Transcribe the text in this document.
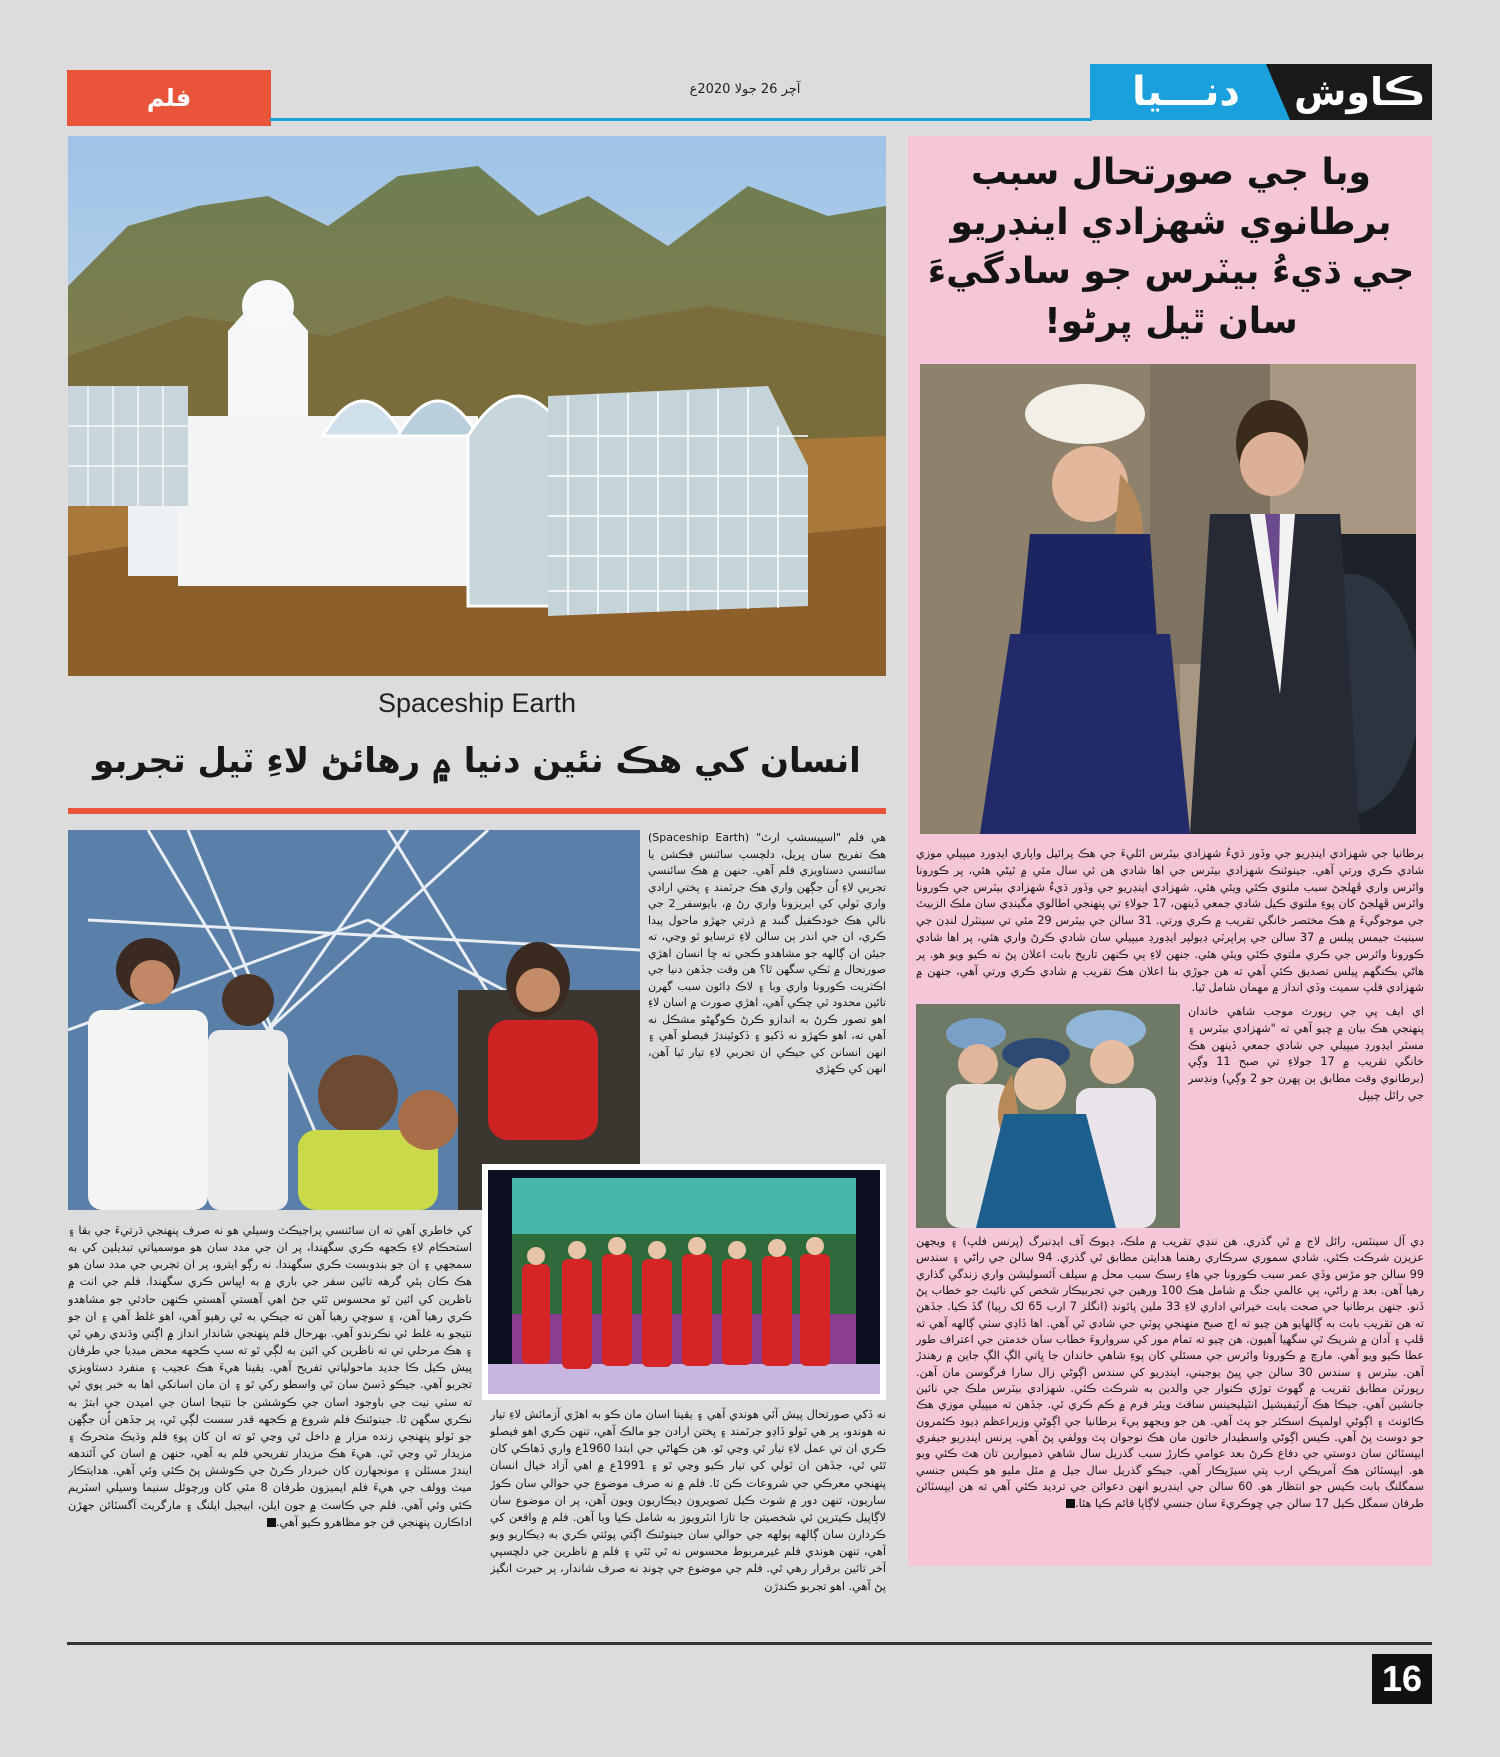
فلم	آچر 26 جولا 2020ع	دنـــيا	ڪاوش
Spaceship Earth
انسان کي هڪ نئين دنيا ۾ رهائڻ لاءِ ٽيل تجربو
هي فلم "اسپيسشپ ارٿ" (Spaceship Earth) هڪ تفريح سان ڀريل، دلچسپ سائنس فڪشن يا سائنسي دستاويزي فلم آهي. جنهن ۾ هڪ سائنسي تجربي لاءِ اُن جڳهن واري هڪ جرٽمند ۽ پختي ارادي واري ٽولي کي ايريزونا واري رڻ ۾، بايوسفر_2 جي نالي هڪ خودڪفيل گنبد ۾ ڌرتي جهڙو ماحول پيدا ڪري، ان جي اندر ٻن سالن لاءِ ترسايو ٿو وڃي، ته جيئن ان ڳالهه جو مشاهدو ڪجي ته ڇا انسان اهڙي صورتحال ۾ ٽڪي سگهن ٿا؟ هن وقت جڏهن دنيا جي اڪثريت ڪورونا واري وبا ۽ لاڪ ڊائون سبب گهرن تائين محدود ٿي چڪي آهي، اهڙي صورت ۾ اسان لاءِ اهو تصور ڪرڻ به اندازو ڪرڻ ڪوگهڻو مشڪل نه آهي ته، اهو ڪهڙو نه ڏکيو ۽ ڏکوئيندڙ فيصلو آهي ۽ انهن انسانن کي جيڪي ان تجربي لاءِ تيار ٿيا آهن، انهن کي ڪهڙي
کي خاطري آهي ته ان سائنسي پراجيڪٽ وسيلي هو نه صرف پنهنجي ڌرتيءَ جي بقا ۽ استحڪام لاءِ ڪجهه ڪري سگهندا، پر ان جي مدد سان هو موسمياتي تبديلين کي به سمجهي ۽ ان جو بندوبست ڪري سگهندا. نه رڳو ايترو، پر ان تجربي جي مدد سان هو هڪ ڪان ٻئي گرهه تائين سفر جي باري ۾ به اڀياس ڪري سگهندا. فلم جي انت ۾ ناظرين کي ائين ٿو محسوس ٿئي جڻ اهي آهستي آهستي ڪنهن حادثي جو مشاهدو ڪري رهيا آهن، ۽ سوچي رهيا آهن ته جيڪي به ٿي رهيو آهي، اهو غلط آهي ۽ ان جو نتيجو به غلط ئي نڪرندو آهي. بهرحال فلم پنهنجي شاندار انداز ۾ اڳتي وڌندي رهي ٿي ۽ هڪ مرحلي تي ته ناظرين کي ائين به لڳي ٿو ته سڀ ڪجهه محض ميڊيا جي طرفان پيش ڪيل ڪا جديد ماحولياتي تفريح آهي. يقينا هيءَ هڪ عجيب ۽ منفرد دستاويزي تجربو آهي. جيڪو ڏسڻ سان ٿي واسطو رکي ٿو ۽ ان مان اسانکي اها به خبر پوي ٿي ته سٺي نيت جي باوجود اسان جي ڪوششن جا نتيجا اسان جي اميدن جي ابتڙ به نڪري سگهن ٿا. جينوئنڪ فلم شروع ۾ ڪجهه قدر سست لڳي ٿي، پر جڏهن اُن جڳهن جو ٽولو پنهنجي زنده مزار ۾ داخل ٿي وڃي ٿو ته ان کان پوءِ فلم وڌيڪ متحرڪ ۽ مزيدار ٿي وڃي ٿي. هيءَ هڪ مزيدار تفريحي فلم به آهي، جنهن ۾ اسان کي آئندهه ايندڙ مسئلن ۽ مونجهارن کان خبردار ڪرڻ جي ڪوشش پڻ ڪئي وئي آهي. هدايتڪار ميٽ وولف جي هيءَ فلم ايميزون طرفان 8 مئي کان ورچوئل سنيما وسيلي اسٽريم ڪئي وئي آهي. فلم جي ڪاسٽ ۾ جون ايلن، ابيجيل ايلنگ ۽ مارگريٽ آگسٽائن جهڙن اداڪارن پنهنجي فن جو مظاهرو ڪيو آهي.
نه ڏکي صورتحال پيش آئي هوندي آهي ۽ يقينا اسان مان ڪو به اهڙي آزمائش لاءِ تيار نه هوندو، پر هي ٽولو ڏاڍو جرٽمند ۽ پختن ارادن جو مالڪ آهي، تنهن ڪري اهو فيصلو ڪري ان تي عمل لاءِ تيار ٿي وڃي ٿو. هن ڪهاڻي جي ابتدا 1960ع واري ڏهاڪي کان ٿئي ٿي، جڏهن ان ٽولي کي تيار ڪيو وڃي ٿو ۽ 1991ع ۾ اهي آزاد خيال انسان پنهنجي معرڪي جي شروعات ڪن ٿا. فلم ۾ نه صرف موضوع جي حوالي سان ڪوڙ ساريون، تنهن دور ۾ شوٽ ڪيل تصويرون ڊيڪاريون ويون آهن، پر ان موضوع سان لاڳاپيل ڪيترين ئي شخصيتن جا تازا انٽرويوز به شامل ڪيا ويا آهن. فلم ۾ واقعن کي ڪردارن سان ڳالهه ٻولهه جي حوالي سان جينوئنڪ اڳتي پوئتي ڪري به ڊيڪاريو ويو آهي، تنهن هوندي فلم غيرمربوط محسوس نه ٿي ٿئي ۽ فلم ۾ ناظرين جي دلچسپي آخر تائين برقرار رهي ٿي. فلم جي موضوع جي چونڊ نه صرف شاندار، پر حيرت انگيز پڻ آهي. اهو تجربو ڪندڙن
وبا جي صورتحال سبب برطانوي شهزادي اينڊريو جي ڌيءُ بيٽرس جو سادگيءَ سان ٿيل پرڻو!
برطانيا جي شهزادي اينڊريو جي وڏور ڌيءُ شهزادي بيٽرس اٽليءَ جي هڪ پرائيل واپاري ايڊورڊ ميپيلي موزي شادي ڪري ورتي آهي. جينوئنڪ شهزادي بيٽرس جي اها شادي هن ئي سال مئي ۾ ٿيڻي هئي، پر ڪورونا وائرس واري ڦهلجڻ سبب ملتوي ڪئي ويئي هئي. شهزادي اينڊريو جي وڏور ڌيءُ شهزادي بيٽرس جي ڪورونا وائرس ڦهلجڻ کان پوءِ ملتوي ڪيل شادي جمعي ڏينهن، 17 جولاءِ تي پنهنجي اطالوي مگينڊي سان ملڪ الزبيٿ جي موجوگيءَ ۾ هڪ مختصر خانگي تقريب ۾ ڪري ورتي. 31 سالن جي بيٽرس 29 مئي تي سينٽرل لنڊن جي سينيٽ جيمس پيلس ۾ 37 سالن جي پراپرٽي ڊيولپر ايڊورڊ ميپيلي سان شادي ڪرڻ واري هئي، پر اها شادي ڪورونا وائرس جي ڪري ملتوي ڪئي ويئي هئي. جنهن لاءِ ٻي ڪنهن تاريخ بابت اعلان پڻ نه ڪيو ويو هو. پر هاڻي بڪنگهم پيلس تصديق ڪئي آهي ته هن جوڙي بنا اعلان هڪ تقريب ۾ شادي ڪري ورتي آهي، جنهن ۾ شهزادي فلپ سميت وڏي انداز ۾ مهمان شامل ٿيا.
اي ايف پي جي رپورٽ موجب شاهي خاندان پنهنجي هڪ بيان ۾ چيو آهي ته "شهزادي بيٽرس ۽ مسٽر ايڊورڊ ميپيلي جي شادي جمعي ڏينهن هڪ خانگي تقريب ۾ 17 جولاءِ تي صبح 11 وڳي (برطانوي وقت مطابق ٻن پهرن جو 2 وڳي) ونڊسر جي رائل چيپل
ڊي آل سينٽس، رائل لاج ۾ ٿي گذري. هن ننڍي تقريب ۾ ملڪ، ڊيوڪ آف ايڊنبرگ (پرنس فلپ) ۽ ويجهن عزيزن شرڪت ڪئي. شادي سموري سرڪاري رهنما هدايتن مطابق ٿي گذري. 94 سالن جي راڻي ۽ سندس 99 سالن جو مڙس وڏي عمر سبب ڪورونا جي هاءِ رسڪ سبب محل ۾ سيلف آئسوليشن واري زندگي گذاري رهيا آهن. بعد ۾ راڻي، ٻي عالمي جنگ ۾ شامل هڪ 100 ورهين جي تجربيڪار شخص کي نائيٽ جو خطاب پڻ ڏنو. جنهن برطانيا جي صحت بابت خيراتي اداري لاءِ 33 ملين پائونڊ (انگلز 7 ارب 65 لک رپيا) گڏ ڪيا. جڏهن ته هن تقريب بابت به ڳالهايو هن چيو ته اڄ صبح منهنجي پوٽي جي شادي ٿي آهي. اها ڏاڍي سٺي ڳالهه آهي ته ڦلپ ۽ آدان ۾ شريڪ ٿي سگهيا آهيون. هن چيو ته تمام مور کي سرواروءَ خطاب سان خدمتن جي اعتراف طور عطا ڪيو ويو آهي. مارچ ۾ ڪورونا وائرس جي مسئلي کان پوءِ شاهي خاندان جا ڀاتي الڳ الڳ جاين ۾ رهندڙ آهن. بيٽرس ۽ سندس 30 سالن جي ڀيڻ يوجيني، اينڊريو کي سندس اڳوڻي زال سارا فرگوسن مان آهن. رپورٽن مطابق تقريب ۾ گهوٽ توڙي ڪنوار جي والدين به شرڪت ڪئي. شهزادي بيٽرس ملڪ جي نائين جانشين آهي. جيڪا هڪ آرٽيفيشيل انٽيليجينس سافٽ ويئر فرم ۾ ڪم ڪري ٿي. جڏهن ته ميپيلي موزي هڪ ڪائونٽ ۽ اڳوڻي اولمپڪ اسڪئر جو پٽ آهي. هن جو ويجهو ٻيءَ برطانيا جي اڳوڻي وزيراعظم ڊيوڊ ڪئمرون جو دوست پڻ آهي. ڪيس اڳوڻي واسطيدار خاتون مان هڪ نوجوان پٽ وولفي پڻ آهي. پرنس اينڊريو جيفري ايپسٽائن سان دوستي جي دفاع ڪرڻ بعد عوامي ڪارڙ سبب گذريل سال شاهي ذميوارين تان هٽ ڪئي ويو هو. ايپسٽائن هڪ آمريڪي ارب پتي سيڙپڪار آهي. جيڪو گذريل سال جيل ۾ مئل مليو هو ڪيس جنسي سمگلنگ بابت ڪيس جو انتظار هو. 60 سالن جي اينڊريو انهن دعوائن جي ترديد ڪئي آهي ته هن ايپسٽائن طرفان سمگل ڪيل 17 سالن جي ڇوڪريءَ سان جنسي لاڳاپا قائم ڪيا هئا.
16
